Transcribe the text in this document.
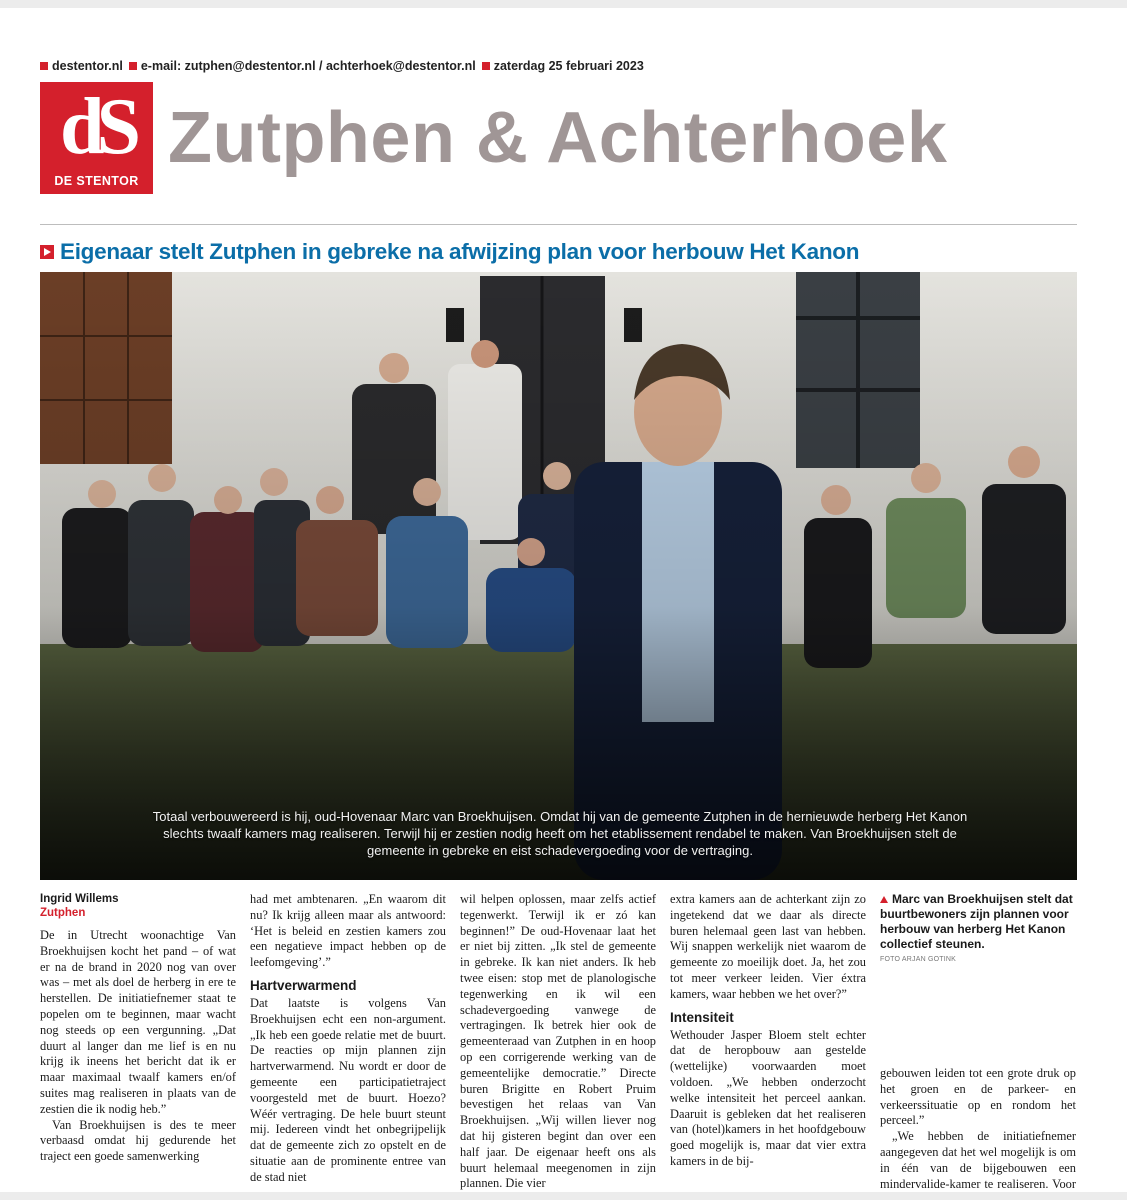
destentor.nl e-mail: zutphen@destentor.nl / achterhoek@destentor.nl zaterdag 25 februari 2023
dS
DE STENTOR
Zutphen & Achterhoek
Eigenaar stelt Zutphen in gebreke na afwijzing plan voor herbouw Het Kanon
Totaal verbouwereerd is hij, oud-Hovenaar Marc van Broekhuijsen. Omdat hij van de gemeente Zutphen in de hernieuwde herberg Het Kanon slechts twaalf kamers mag realiseren. Terwijl hij er zestien nodig heeft om het etablissement rendabel te maken. Van Broekhuijsen stelt de gemeente in gebreke en eist schadevergoeding voor de vertraging.
Ingrid Willems
Zutphen

De in Utrecht woonachtige Van Broekhuijsen kocht het pand – of wat er na de brand in 2020 nog van over was – met als doel de herberg in ere te herstellen. De initiatiefnemer staat te popelen om te beginnen, maar wacht nog steeds op een vergunning. „Dat duurt al langer dan me lief is en nu krijg ik ineens het bericht dat ik er maar maximaal twaalf kamers en/of suites mag realiseren in plaats van de zestien die ik nodig heb.”

Van Broekhuijsen is des te meer verbaasd omdat hij gedurende het traject een goede samenwerking

had met ambtenaren. „En waarom dit nu? Ik krijg alleen maar als antwoord: ‘Het is beleid en zestien kamers zou een negatieve impact hebben op de leefomgeving’.”

Hartverwarmend

Dat laatste is volgens Van Broekhuijsen echt een non-argument. „Ik heb een goede relatie met de buurt. De reacties op mijn plannen zijn hartverwarmend. Nu wordt er door de gemeente een participatietraject voorgesteld met de buurt. Hoezo? Wéér vertraging. De hele buurt steunt mij. Iedereen vindt het onbegrijpelijk dat de gemeente zich zo opstelt en de situatie aan de prominente entree van de stad niet

wil helpen oplossen, maar zelfs actief tegenwerkt. Terwijl ik er zó kan beginnen!” De oud-Hovenaar laat het er niet bij zitten. „Ik stel de gemeente in gebreke. Ik kan niet anders. Ik heb twee eisen: stop met de planologische tegenwerking en ik wil een schadevergoeding vanwege de vertragingen. Ik betrek hier ook de gemeenteraad van Zutphen in en hoop op een corrigerende werking van de gemeentelijke democratie.” Directe buren Brigitte en Robert Pruim bevestigen het relaas van Van Broekhuijsen. „Wij willen liever nog dat hij gisteren begint dan over een half jaar. De eigenaar heeft ons als buurt helemaal meegenomen in zijn plannen. Die vier

extra kamers aan de achterkant zijn zo ingetekend dat we daar als directe buren helemaal geen last van hebben. Wij snappen werkelijk niet waarom de gemeente zo moeilijk doet. Ja, het zou tot meer verkeer leiden. Vier éxtra kamers, waar hebben we het over?”

Intensiteit

Wethouder Jasper Bloem stelt echter dat de heropbouw aan gestelde (wettelijke) voorwaarden moet voldoen. „We hebben onderzocht welke intensiteit het perceel aankan. Daaruit is gebleken dat het realiseren van (hotel)kamers in het hoofdgebouw goed mogelijk is, maar dat vier extra kamers in de bij-

Marc van Broekhuijsen stelt dat buurtbewoners zijn plannen voor herbouw van herberg Het Kanon collectief steunen.
FOTO ARJAN GOTINK

gebouwen leiden tot een grote druk op het groen en de parkeer- en verkeerssituatie op en rondom het perceel.”

„We hebben de initiatiefnemer aangegeven dat het wel mogelijk is om in één van de bijgebouwen een mindervalide-kamer te realiseren. Voor
